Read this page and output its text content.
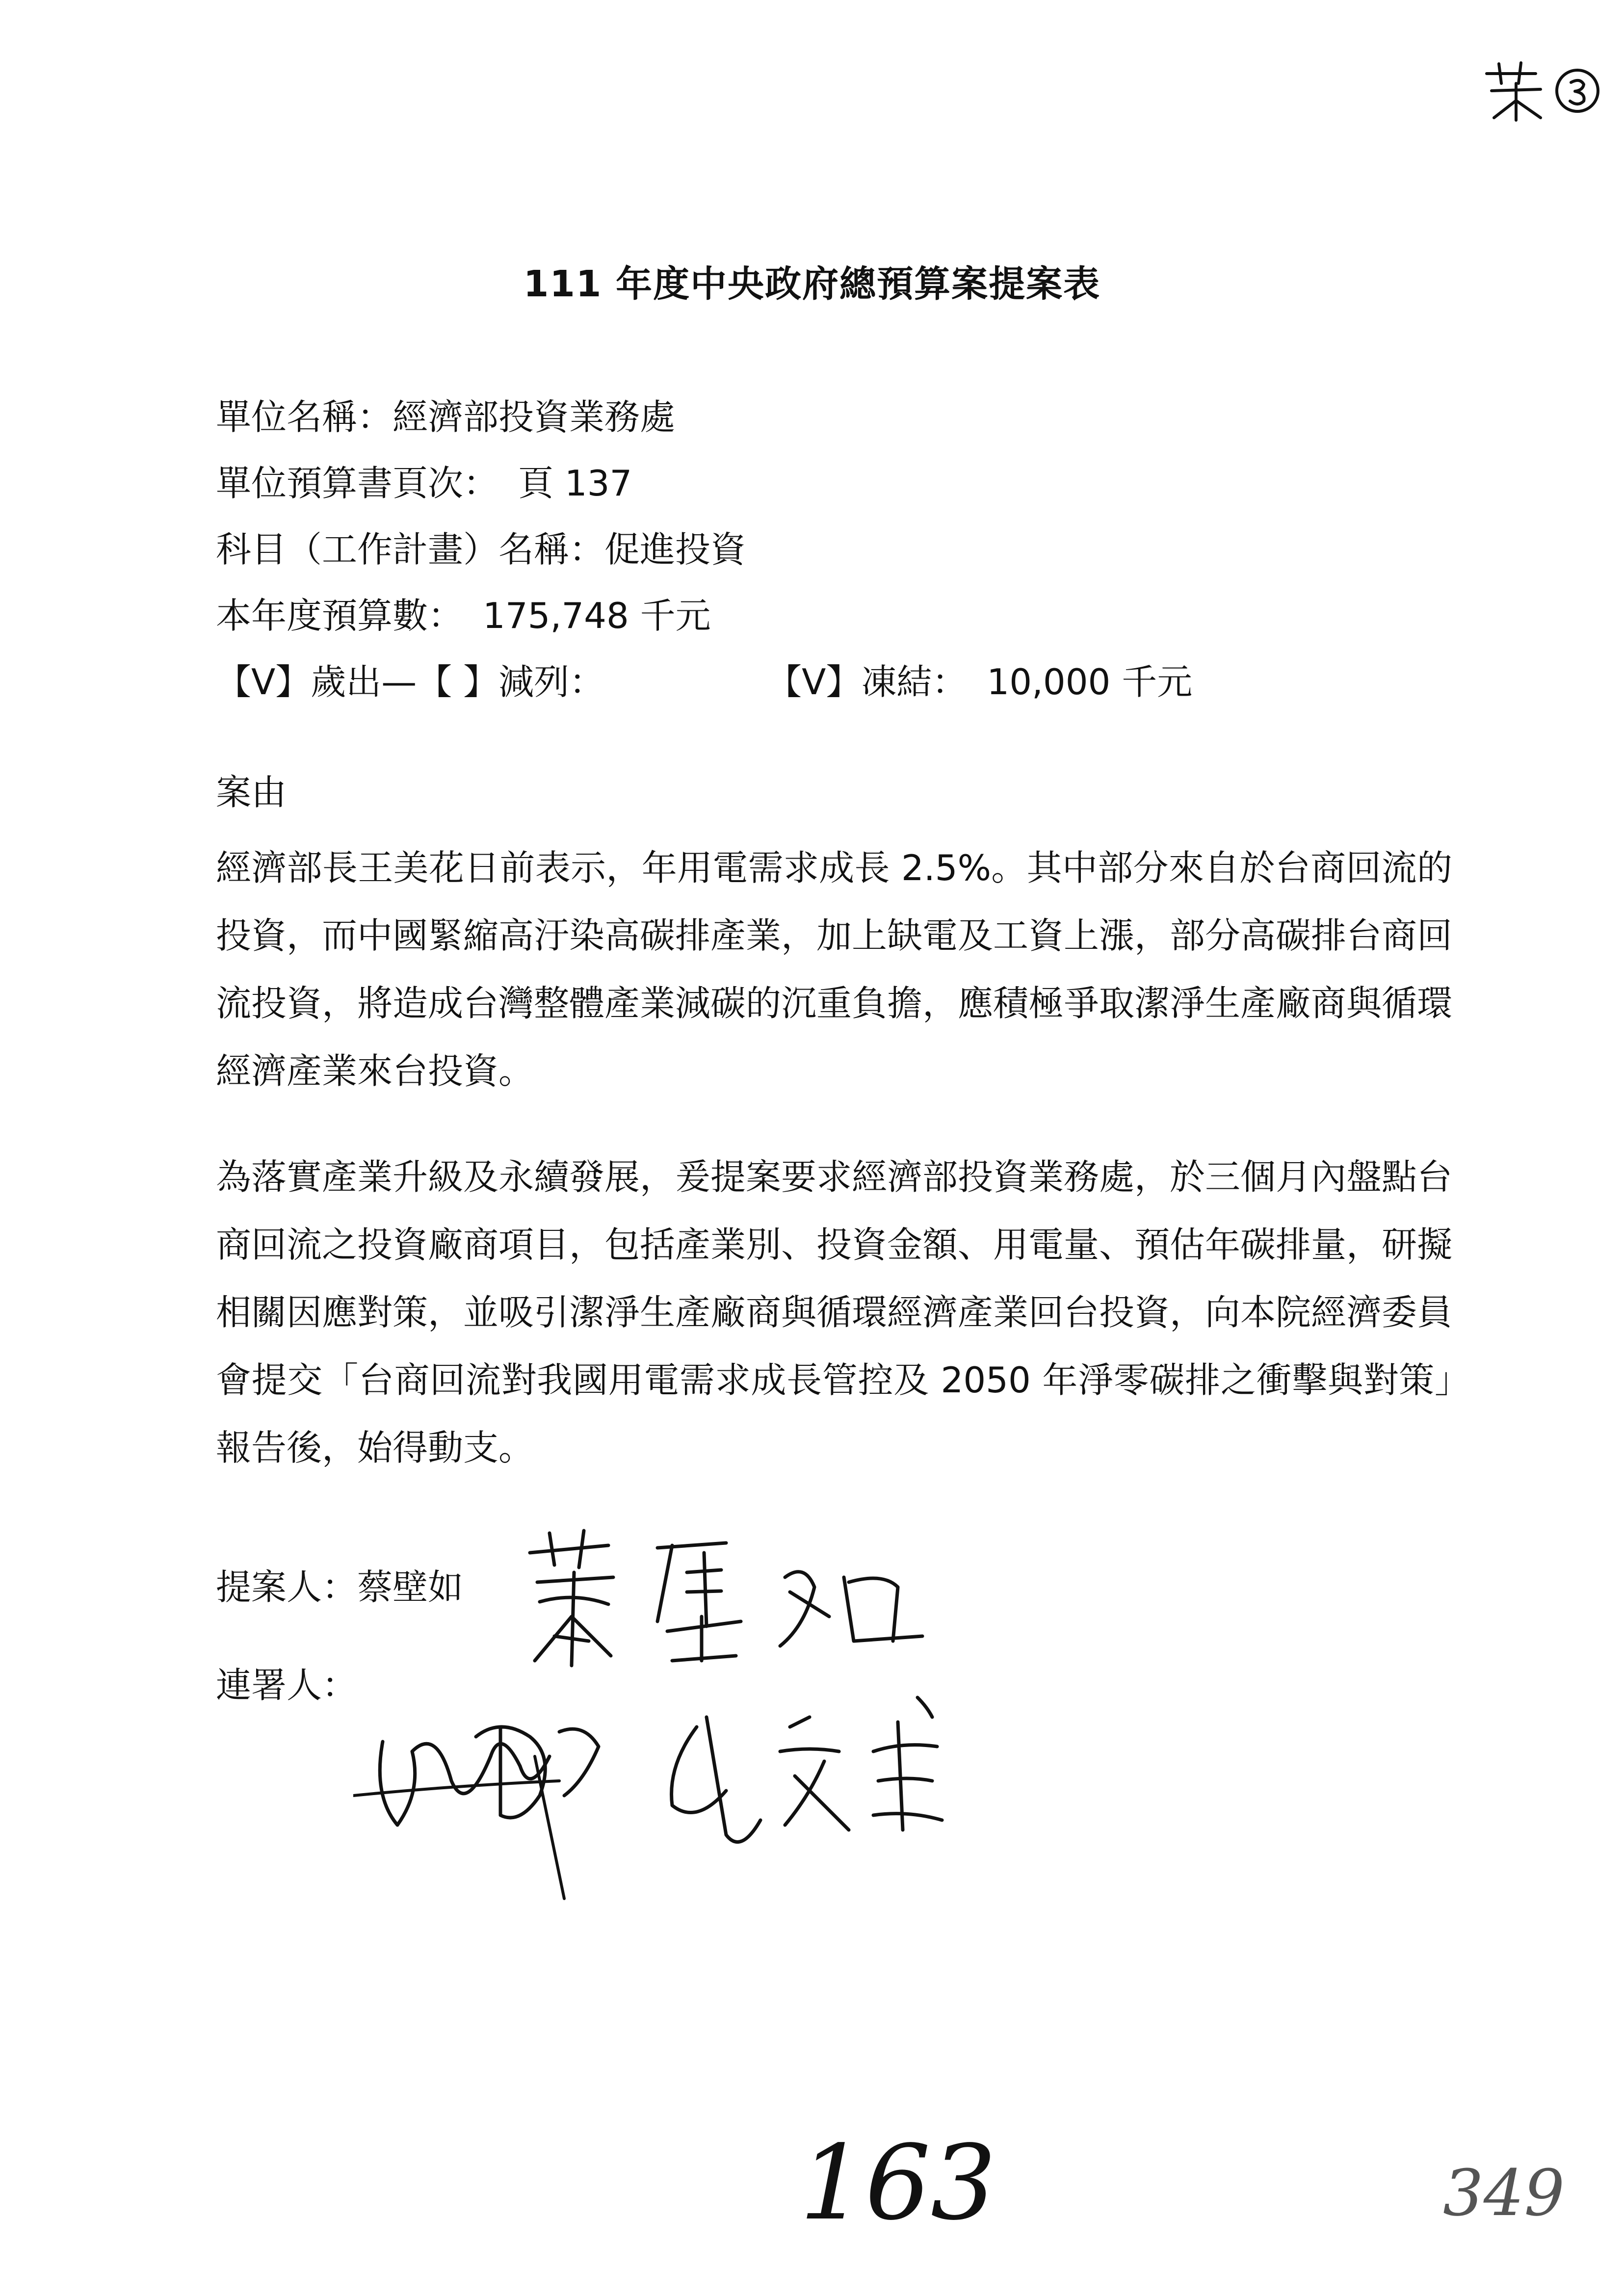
111 年度中央政府總預算案提案表
單位名稱：經濟部投資業務處
單位預算書頁次： 頁 137
科目（工作計畫）名稱：促進投資
本年度預算數： 175,748 千元
【V】歲出—【 】減列：	【V】凍結： 10,000 千元
案由
經濟部長王美花日前表示，年用電需求成長 2.5%。其中部分來自於台商回流的投資，而中國緊縮高汙染高碳排產業，加上缺電及工資上漲，部分高碳排台商回流投資，將造成台灣整體產業減碳的沉重負擔，應積極爭取潔淨生產廠商與循環經濟產業來台投資。
為落實產業升級及永續發展，爰提案要求經濟部投資業務處，於三個月內盤點台商回流之投資廠商項目，包括產業別、投資金額、用電量、預估年碳排量，研擬相關因應對策，並吸引潔淨生產廠商與循環經濟產業回台投資，向本院經濟委員會提交「台商回流對我國用電需求成長管控及 2050 年淨零碳排之衝擊與對策」報告後，始得動支。
提案人：蔡壁如
連署人：
163	349
